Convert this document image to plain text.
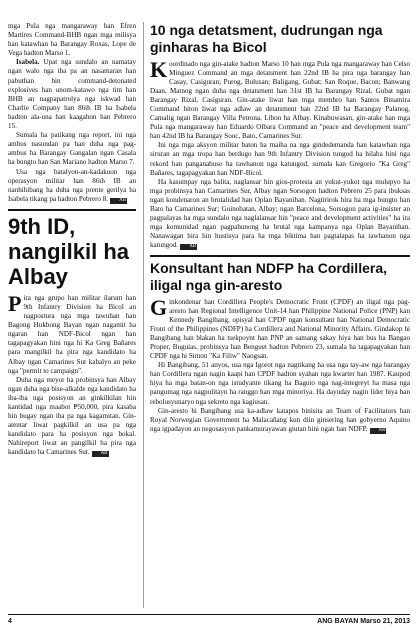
mga Pula nga mangaraway han Efren Martires Command-BHB ngan mga milisya han katawhan ha Barangay Roxas, Lope de Vega hadton Marso 1.

Isabela. Upat nga sundalo an namatay ngan walo nga iba pa an nasamaran han pabuthan hin command-detonated explosives han unom-katawo nga tim han BHB an nagpapatrolya nga iskwad han Charlie Company han 86th IB ha Isabela hadton ala-una han kaagahon han Pebrero 15.

Sumala ha patikang nga report, ini nga ambus nasundan pa han duha nga pag-ambus ha Barangay Gangalan ngan Casala ha bungto han San Mariano hadton Marso 7.

Usa nga batalyon-an-kadakuon nga operasyon militar han 86th IB an nanhihibang ha duha nga prente gerilya ha Isabela tikang pa hadton Pebrero 8. AB

9th ID, nangilkil ha Albay

Pira nga grupo han militar ilarum han 9th Infantry Division ha Bicol an nagpostura nga mga tawuhan han Bagong Hukbong Bayan ngan nagamit ha ngaran han NDF-Bicol ngan han tagapagyakan hini nga hi Ka Greg Bañares para mangilkil ha pira nga kandidato ha Albay ngan Camarines Sur kabalyo an peke nga "permit to campaign".

Duha nga meyor ha probinsya han Albay ngan duha nga bise-alkalde nga kandidato ha iba-iba nga posisyon an ginkilkilan hin kantidad nga maabot ₱50,000, pira kasaba hin bugay ngan iba pa nga kagamitan. Gin-atentar liwat pagkilkil an usa pa nga kandidato para ha posisyon nga bokal. Nahireport liwat an pangilkil ha pira nga kandidato ha Camarines Sur. AB

10 nga detatsment, dudrungan nga ginharas ha Bicol

Koordinado nga gin-atake hadton Marso 10 han mga Pula nga mangaraway han Celso Minguez Command an mga detatsment han 22nd IB ha pira nga barangay han Casay, Casiguran; Purog, Bulusan; Baligang, Gubat; San Roque, Bacon; Banwang Daan, Matnog ngan duha nga detatsment han 31st IB ha Barangay Rizal, Gubat ngan Barangay Rizal, Casiguran. Gin-atake liwat han mga membro han Santos Binamira Command hiton liwat nga adlaw an detatsment han 22nd IB ha Barangay Palanog, Camalig ngan Barangay Villa Petrona, Libon ha Albay. Kinabuwasan, gin-atake han mga Pula nga mangaraway han Eduardo Olbara Command an "peace and development team" han 42nd IB ha Barangay Sooc, Bato, Camarines Sur.

Ini nga mga aksyon militar baton ha maiha na nga gindedemanda han katawhan nga siruran an mga tropa han berdugo han 9th Infantry Division tungod ha hilaba hini nga rekord han panganabuso ha tawhanon nga katungod, sumala kan Gregorio "Ka Greg" Bañares, tagapagyakan han NDF-Bicol.

Ha kasumpay nga balita, naglansar hin gios-protesta an yukut-yukot nga mulupyo ha mga probinsya han Camarines Sur, Albay ngan Sorsogon hadton Pebrero 25 para ibuksas ngan kondenaron an brutalidad han Oplan Bayanihan. Nagtirirok hira ha mga bungto han Bato ha Camarines Sur; Guinobatan, Albay; ngan Barcelona, Sorsogon para ig-insister an pagpalayas ha mga sundalo nga naglalansar hin "peace and development activities" ha ira mga komunidad ngan pagpahunong ha brutal nga kampanya nga Oplan Bayanihan. Nanawagan hira hin hustisya para ha mga biktima han pagtalapas ha tawhanon nga katungod. AB

Konsultant han NDFP ha Cordillera, iligal nga gin-aresto

Ginkondenar han Cordillera People's Democratic Front (CPDF) an iligal nga pag-aresto han Regional Intelligence Unit-14 han Philippine National Police (PNP) kan Kennedy Bangibang, opisyal han CPDF ngan konsultant han National Democratic Front of the Philippines (NDFP) ha Cordillera and National Minority Affairs. Gindakop hi Bangibang han blakan ha tsekpoynt han PNP an samang sakay hiya han bus ha Bangao Proper, Buguias, probinsya han Benguet hadton Pebrero 23, sumala ha tagapagyakan han CPDF nga hi Simon "Ka Filiw" Naogsan.

Hi Bangibang, 51 anyos, usa nga Igorot nga nagtikang ha usa nga tay-aw nga barangay han Cordillera ngan nagin kaapi han CPDF hadton syahan nga kwarter han 1987. Kaupod hiya ha mga batan-on nga istudyante tikang ha Baguio nga nag-integreyt ha masa nga pangumag nga nagpulitayn ha ranggo han mga minoriya. Ha dayuday nagin lider hiya han rebolusyunaryo nga sekreto nga kagiusan.

Gin-aresto hi Bangibang usa ka-adlaw katapos binisita an Team of Facilitators han Royal Norwegian Government ha Malacañang kun diin ginsering han gobyerno Aquino nga igpadayon an negosasyon pankamurayawan giutan hini ngan han NDFP. AB

4	ANG BAYAN Marso 21, 2013
